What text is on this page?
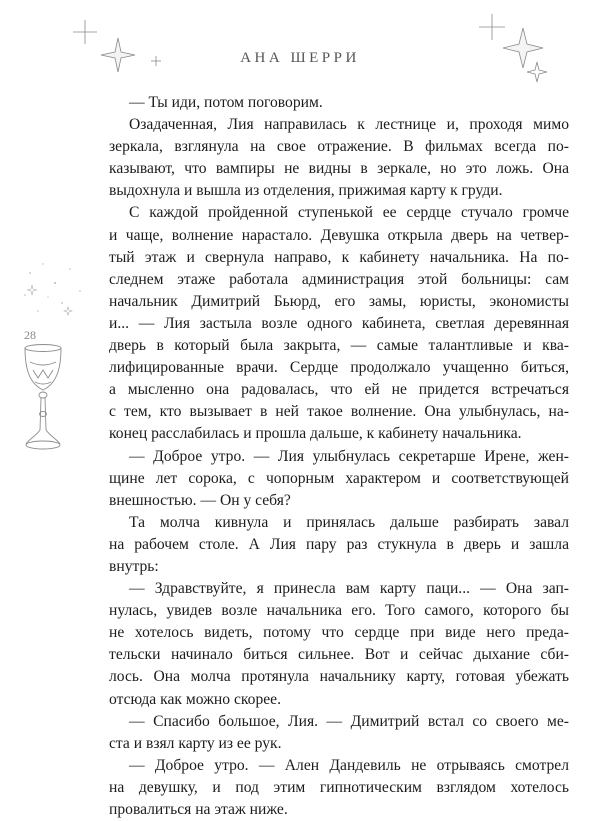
АНА ШЕРРИ
28
— Ты иди, потом поговорим.
Озадаченная, Лия направилась к лестнице и, проходя мимо
зеркала, взглянула на свое отражение. В фильмах всегда по-
казывают, что вампиры не видны в зеркале, но это ложь. Она
выдохнула и вышла из отделения, прижимая карту к груди.
С каждой пройденной ступенькой ее сердце стучало громче
и чаще, волнение нарастало. Девушка открыла дверь на четвер-
тый этаж и свернула направо, к кабинету начальника. На по-
следнем этаже работала администрация этой больницы: сам
начальник Димитрий Бьюрд, его замы, юристы, экономисты
и... — Лия застыла возле одного кабинета, светлая деревянная
дверь в который была закрыта, — самые талантливые и ква-
лифицированные врачи. Сердце продолжало учащенно биться,
а мысленно она радовалась, что ей не придется встречаться
с тем, кто вызывает в ней такое волнение. Она улыбнулась, на-
конец расслабилась и прошла дальше, к кабинету начальника.
— Доброе утро. — Лия улыбнулась секретарше Ирене, жен-
щине лет сорока, с чопорным характером и соответствующей
внешностью. — Он у себя?
Та молча кивнула и принялась дальше разбирать завал
на рабочем столе. А Лия пару раз стукнула в дверь и зашла
внутрь:
— Здравствуйте, я принесла вам карту паци... — Она зап-
нулась, увидев возле начальника его. Того самого, которого бы
не хотелось видеть, потому что сердце при виде него преда-
тельски начинало биться сильнее. Вот и сейчас дыхание сби-
лось. Она молча протянула начальнику карту, готовая убежать
отсюда как можно скорее.
— Спасибо большое, Лия. — Димитрий встал со своего ме-
ста и взял карту из ее рук.
— Доброе утро. — Ален Дандевиль не отрываясь смотрел
на девушку, и под этим гипнотическим взглядом хотелось
провалиться на этаж ниже.
